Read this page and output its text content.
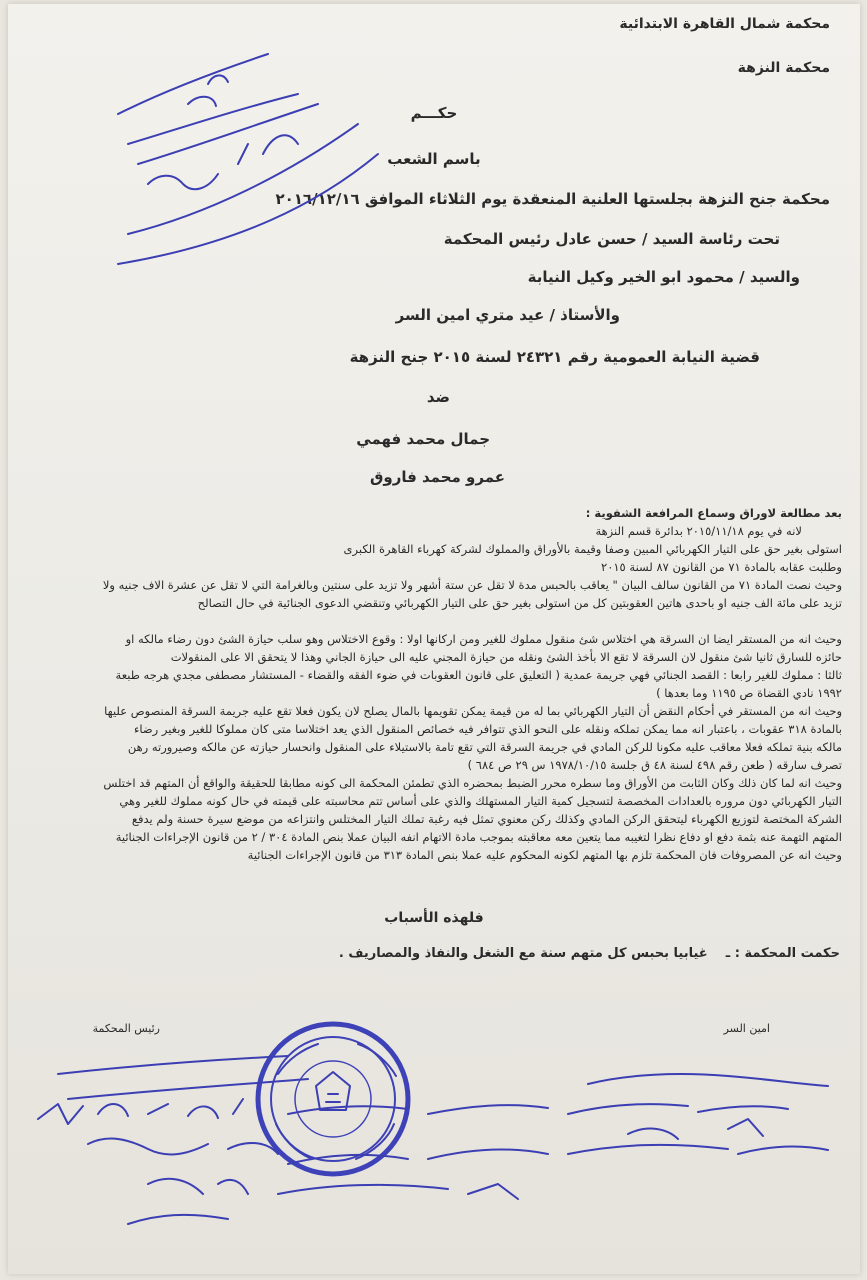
محكمة شمال القاهرة الابتدائية
محكمة النزهة
حكـــم
باسم الشعب
محكمة جنح النزهة بجلستها العلنية المنعقدة يوم الثلاثاء الموافق ٢٠١٦/١٢/١٦
تحت رئاسة السيد / حسن عادل رئيس المحكمة
والسيد / محمود ابو الخير وكيل النيابة
والأستاذ / عيد متري امين السر
قضية النيابة العمومية رقم ٢٤٣٢١ لسنة ٢٠١٥ جنح النزهة
ضد
جمال محمد فهمي
عمرو محمد فاروق
بعد مطالعة لاوراق وسماع المرافعة الشفوية :
لانه في يوم ٢٠١٥/١١/١٨ بدائرة قسم النزهة
استولى بغير حق على التيار الكهربائي المبين وصفا وقيمة بالأوراق والمملوك لشركة كهرباء القاهرة الكبرى
وطلبت عقابه بالمادة ٧١ من القانون ٨٧ لسنة ٢٠١٥
وحيث نصت المادة ٧١ من القانون سالف البيان " يعاقب بالحبس مدة لا تقل عن ستة أشهر ولا تزيد على سنتين وبالغرامة التي لا تقل عن عشرة الاف جنيه ولا
تزيد على مائة الف جنيه او باحدى هاتين العقوبتين كل من استولى بغير حق على التيار الكهربائي وتنقضي الدعوى الجنائية في حال التصالح
وحيث انه من المستقر ايضا ان السرقة هي اختلاس شئ منقول مملوك للغير ومن اركانها اولا : وقوع الاختلاس وهو سلب حيازة الشئ دون رضاء مالكه او
حائزه للسارق ثانيا شئ منقول لان السرقة لا تقع الا بأخذ الشئ ونقله من حيازة المجني عليه الى حيازة الجاني وهذا لا يتحقق الا على المنقولات
ثالثا : مملوك للغير رابعا : القصد الجنائي فهي جريمة عمدية ( التعليق على قانون العقوبات في ضوء الفقه والقضاء - المستشار مصطفى مجدي هرجه طبعة
١٩٩٢ نادي القضاة ص ١١٩٥ وما بعدها )
وحيث انه من المستقر في أحكام النقض أن التيار الكهربائي بما له من قيمة يمكن تقويمها بالمال يصلح لان يكون فعلا تقع عليه جريمة السرقة المنصوص عليها
بالمادة ٣١٨ عقوبات ، باعتبار انه مما يمكن تملكه ونقله على النحو الذي تتوافر فيه خصائص المنقول الذي يعد اختلاسا متى كان مملوكا للغير وبغير رضاء
مالكه بنية تملكه فعلا معاقب عليه مكونا للركن المادي في جريمة السرقة التي تقع تامة بالاستيلاء على المنقول وانحسار حيازته عن مالكه وصيرورته رهن
تصرف سارقه ( طعن رقم ٤٩٨ لسنة ٤٨ ق جلسة ١٩٧٨/١٠/١٥ س ٢٩ ص ٦٨٤ )
وحيث انه لما كان ذلك وكان الثابت من الأوراق وما سطره محرر الضبط بمحضره الذي تطمئن المحكمة الى كونه مطابقا للحقيقة والواقع أن المتهم قد اختلس
التيار الكهربائي دون مروره بالعدادات المخصصة لتسجيل كمية التيار المستهلك والذي على أساس تتم محاسبته على قيمته في حال كونه مملوك للغير وهي
الشركة المختصة لتوزيع الكهرباء ليتحقق الركن المادي وكذلك ركن معنوي تمثل فيه رغبة تملك التيار المختلس وانتزاعه من موضع سيرة حسنة ولم يدفع
المتهم التهمة عنه بثمة دفع او دفاع نظرا لتغيبه مما يتعين معه معاقبته بموجب مادة الاتهام انفه البيان عملا بنص المادة ٣٠٤ / ٢ من قانون الإجراءات الجنائية
وحيث انه عن المصروفات فان المحكمة تلزم بها المتهم لكونه المحكوم عليه عملا بنص المادة ٣١٣ من قانون الإجراءات الجنائية
فلهذه الأسباب
حكمت المحكمة : ـ    غيابيا بحبس كل متهم سنة مع الشغل والنفاذ والمصاريف .
امين السر
رئيس المحكمة
